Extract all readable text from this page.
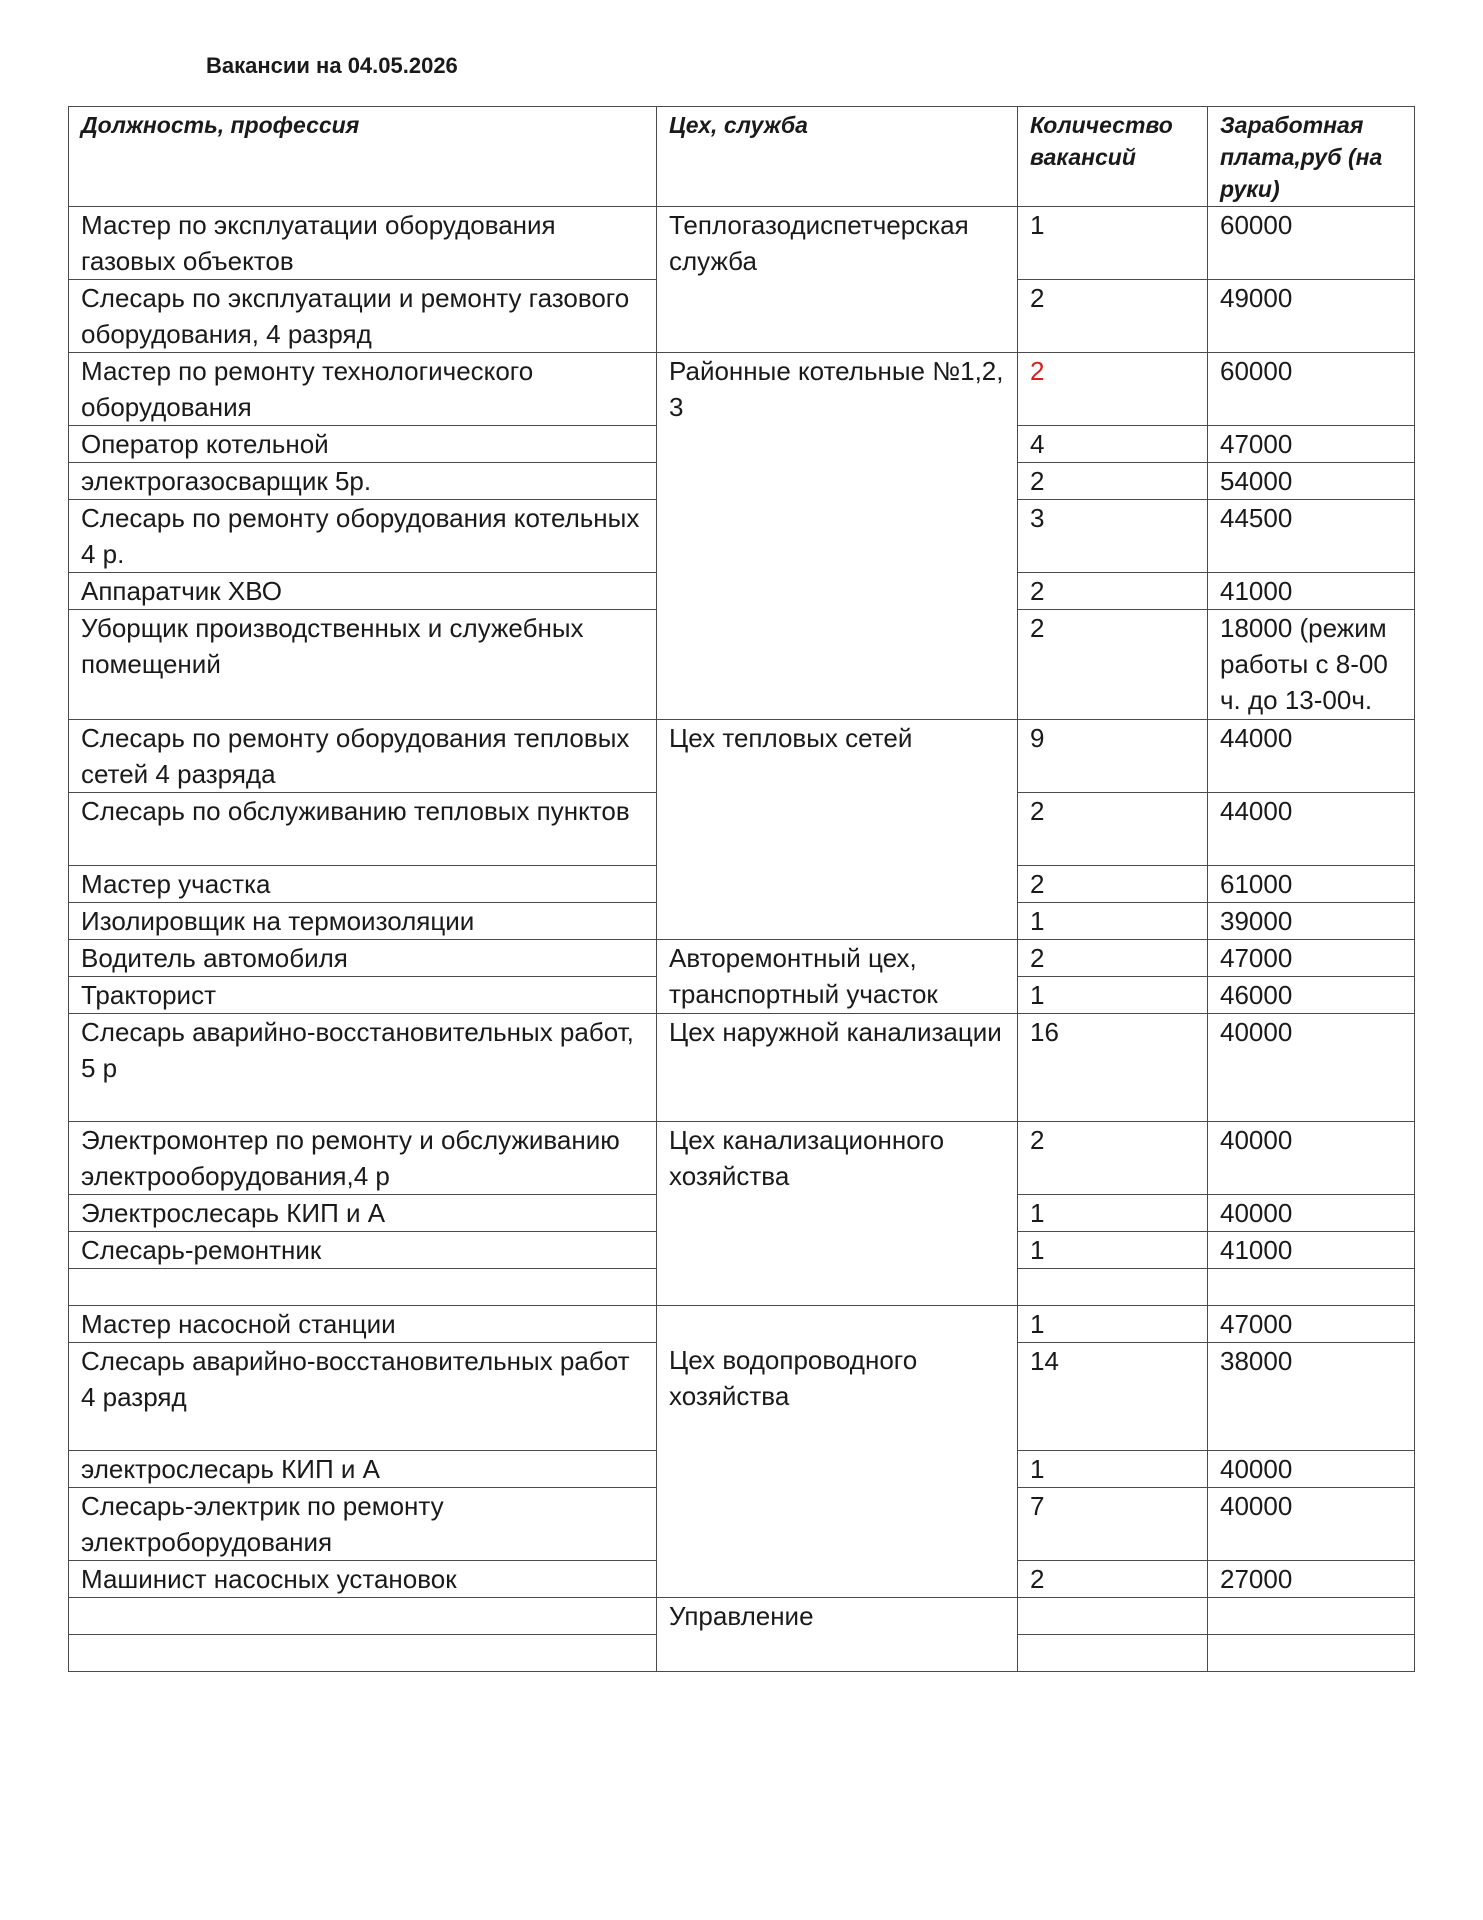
Вакансии на 04.05.2026
Должность, профессия	Цех, служба	Количество вакансий	Заработная плата,руб (на руки)
Мастер по эксплуатации оборудования газовых объектов	Теплогазодиспетчерская служба	1	60000
Слесарь по эксплуатации и ремонту газового оборудования, 4 разряд		2	49000
Мастер по ремонту технологического оборудования	Районные котельные №1,2, 3	2	60000
Оператор котельной		4	47000
электрогазосварщик 5р.		2	54000
Слесарь по ремонту оборудования котельных 4 р.		3	44500
Аппаратчик ХВО		2	41000
Уборщик производственных и служебных помещений		2	18000 (режим работы с 8-00 ч. до 13-00ч.
Слесарь по ремонту оборудования тепловых сетей 4 разряда	Цех тепловых сетей	9	44000
Слесарь по обслуживанию тепловых пунктов		2	44000
Мастер участка		2	61000
Изолировщик на термоизоляции		1	39000
Водитель автомобиля	Авторемонтный цех, транспортный участок	2	47000
Тракторист		1	46000
Слесарь аварийно-восстановительных работ, 5 р	Цех наружной канализации	16	40000
Электромонтер по ремонту и обслуживанию электрооборудования,4 р	Цех канализационного хозяйства	2	40000
Электрослесарь КИП и А		1	40000
Слесарь-ремонтник		1	41000

Мастер насосной станции	Цех водопроводного хозяйства	1	47000
Слесарь аварийно-восстановительных работ 4 разряд		14	38000
электрослесарь КИП и А		1	40000
Слесарь-электрик по ремонту электроборудования		7	40000
Машинист насосных установок		2	27000
	Управление		
